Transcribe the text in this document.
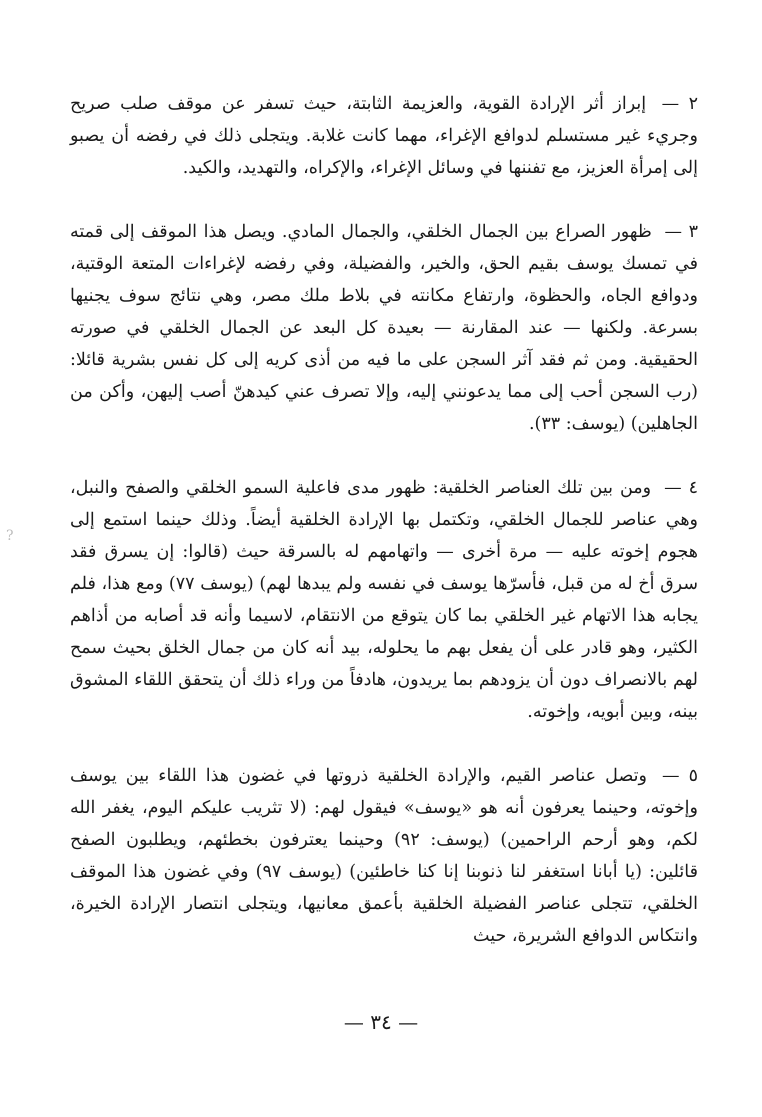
٢ — إبراز أثر الإرادة القوية، والعزيمة الثابتة، حيث تسفر عن موقف صلب صريح وجريء غير مستسلم لدوافع الإغراء، مهما كانت غلابة. ويتجلى ذلك في رفضه أن يصبو إلى إمرأة العزيز، مع تفننها في وسائل الإغراء، والإكراه، والتهديد، والكيد.

٣ — ظهور الصراع بين الجمال الخلقي، والجمال المادي. ويصل هذا الموقف إلى قمته في تمسك يوسف بقيم الحق، والخير، والفضيلة، وفي رفضه لإغراءات المتعة الوقتية، ودوافع الجاه، والحظوة، وارتفاع مكانته في بلاط ملك مصر، وهي نتائج سوف يجنيها بسرعة. ولكنها — عند المقارنة — بعيدة كل البعد عن الجمال الخلقي في صورته الحقيقية. ومن ثم فقد آثر السجن على ما فيه من أذى كريه إلى كل نفس بشرية قائلا: (رب السجن أحب إلى مما يدعونني إليه، وإلا تصرف عني كيدهنّ أصب إليهن، وأكن من الجاهلين) (يوسف: ٣٣).

٤ — ومن بين تلك العناصر الخلقية: ظهور مدى فاعلية السمو الخلقي والصفح والنبل، وهي عناصر للجمال الخلقي، وتكتمل بها الإرادة الخلقية أيضاً. وذلك حينما استمع إلى هجوم إخوته عليه — مرة أخرى — واتهامهم له بالسرقة حيث (قالوا: إن يسرق فقد سرق أخ له من قبل، فأسرّها يوسف في نفسه ولم يبدها لهم) (يوسف ٧٧) ومع هذا، فلم يجابه هذا الاتهام غير الخلقي بما كان يتوقع من الانتقام، لاسيما وأنه قد أصابه من أذاهم الكثير، وهو قادر على أن يفعل بهم ما يحلوله، بيد أنه كان من جمال الخلق بحيث سمح لهم بالانصراف دون أن يزودهم بما يريدون، هادفاً من وراء ذلك أن يتحقق اللقاء المشوق بينه، وبين أبويه، وإخوته.

٥ — وتصل عناصر القيم، والإرادة الخلقية ذروتها في غضون هذا اللقاء بين يوسف وإخوته، وحينما يعرفون أنه هو «يوسف» فيقول لهم: (لا تثريب عليكم اليوم، يغفر الله لكم، وهو أرحم الراحمين) (يوسف: ٩٢) وحينما يعترفون بخطئهم، ويطلبون الصفح قائلين: (يا أبانا استغفر لنا ذنوبنا إنا كنا خاطئين) (يوسف ٩٧) وفي غضون هذا الموقف الخلقي، تتجلى عناصر الفضيلة الخلقية بأعمق معانيها، ويتجلى انتصار الإرادة الخيرة، وانتكاس الدوافع الشريرة، حيث

?
— ٣٤ —
